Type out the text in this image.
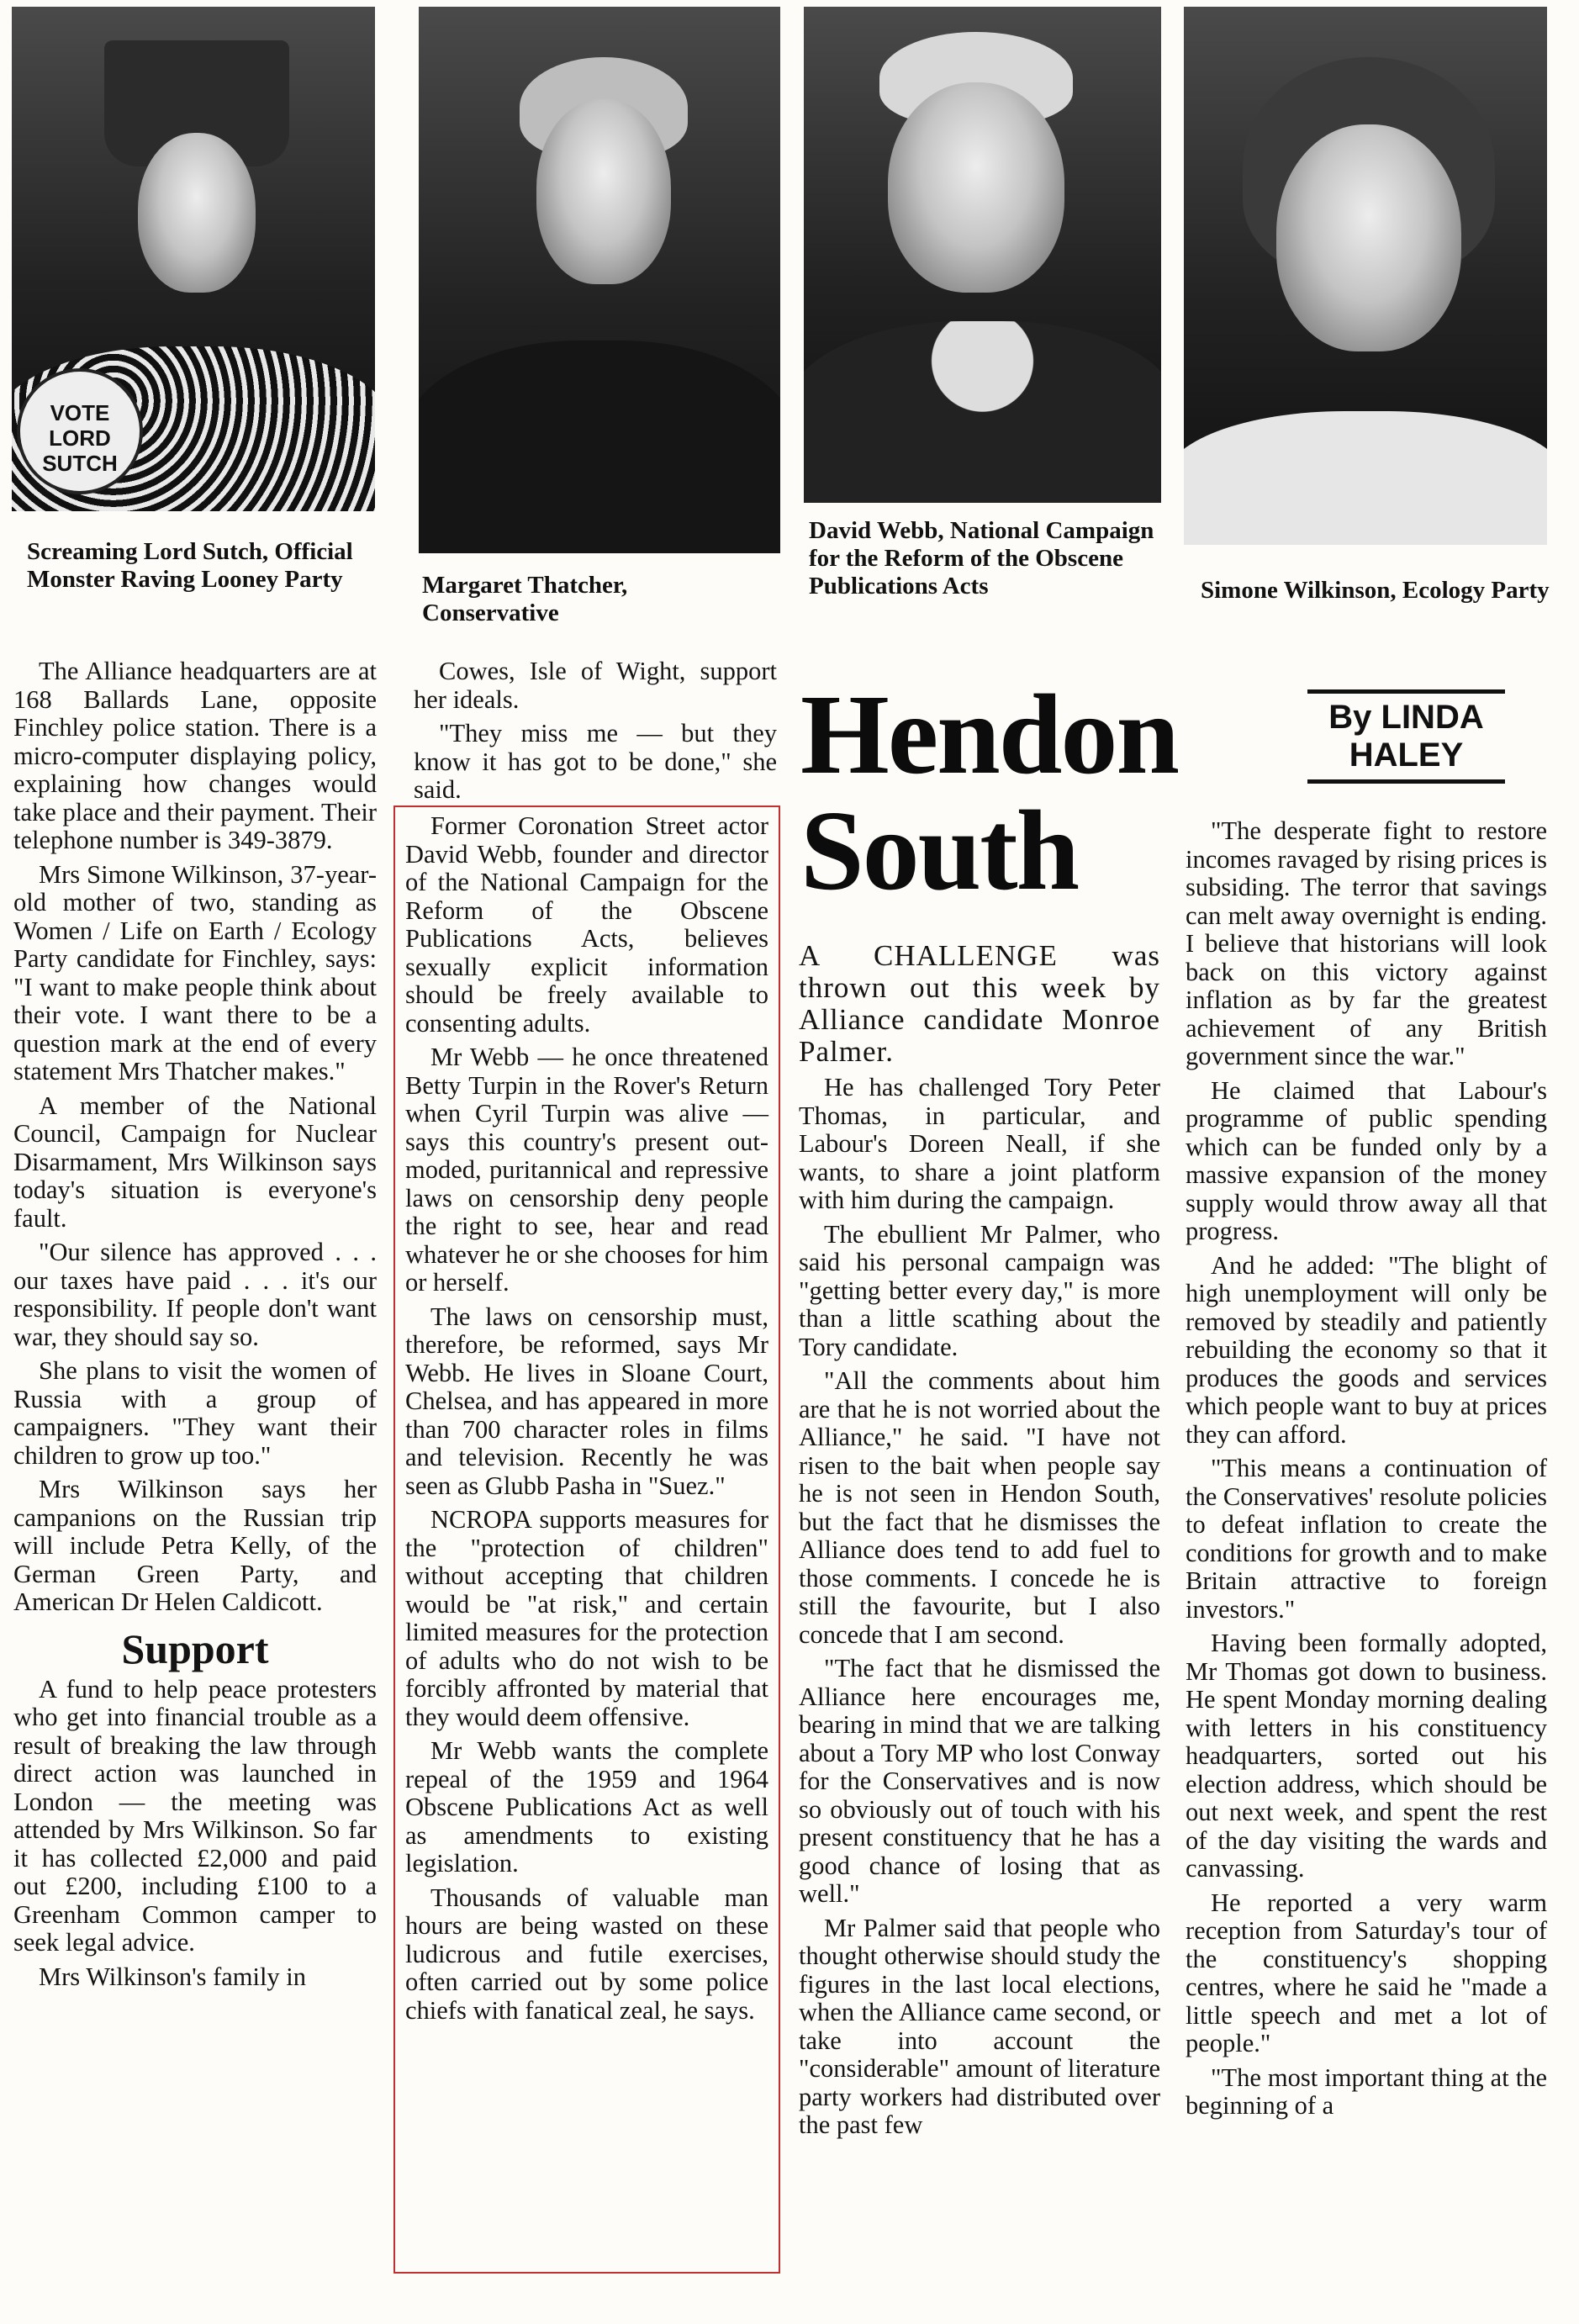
VOTE LORD SUTCH
Screaming Lord Sutch, Official Monster Raving Looney Party	Margaret Thatcher, Conservative
David Webb, National Campaign for the Reform of the Obscene Publications Acts	Simone Wilkinson, Ecology Party

The Alliance headquarters are at 168 Ballards Lane, opposite Finchley police station. There is a micro-computer displaying policy, explaining how changes would take place and their payment. Their telephone number is 349-3879.

Mrs Simone Wilkinson, 37-year-old mother of two, standing as Women / Life on Earth / Ecology Party candidate for Finchley, says: "I want to make people think about their vote. I want there to be a question mark at the end of every statement Mrs Thatcher makes."

A member of the National Council, Campaign for Nuclear Disarmament, Mrs Wilkinson says today's situation is everyone's fault.

"Our silence has approved . . . our taxes have paid . . . it's our responsibility. If people don't want war, they should say so.

She plans to visit the women of Russia with a group of campaigners. "They want their children to grow up too."

Mrs Wilkinson says her campanions on the Russian trip will include Petra Kelly, of the German Green Party, and American Dr Helen Caldicott.

Support

A fund to help peace protesters who get into financial trouble as a result of breaking the law through direct action was launched in London — the meeting was attended by Mrs Wilkinson. So far it has collected £2,000 and paid out £200, including £100 to a Greenham Common camper to seek legal advice.

Mrs Wilkinson's family in

Cowes, Isle of Wight, support her ideals.

"They miss me — but they know it has got to be done," she said.

Former Coronation Street actor David Webb, founder and director of the National Campaign for the Reform of the Obscene Publications Acts, believes sexually explicit information should be freely available to consenting adults.

Mr Webb — he once threatened Betty Turpin in the Rover's Return when Cyril Turpin was alive — says this country's present out-moded, puritannical and repressive laws on censorship deny people the right to see, hear and read whatever he or she chooses for him or herself.

The laws on censorship must, therefore, be reformed, says Mr Webb. He lives in Sloane Court, Chelsea, and has appeared in more than 700 character roles in films and television. Recently he was seen as Glubb Pasha in "Suez."

NCROPA supports measures for the "protection of children" without accepting that children would be "at risk," and certain limited measures for the protection of adults who do not wish to be forcibly affronted by material that they would deem offensive.

Mr Webb wants the complete repeal of the 1959 and 1964 Obscene Publications Act as well as amendments to existing legislation.

Thousands of valuable man hours are being wasted on these ludicrous and futile exercises, often carried out by some police chiefs with fanatical zeal, he says.

Hendon South
By LINDA HALEY

A CHALLENGE was thrown out this week by Alliance candidate Monroe Palmer.

He has challenged Tory Peter Thomas, in particular, and Labour's Doreen Neall, if she wants, to share a joint platform with him during the campaign.

The ebullient Mr Palmer, who said his personal campaign was "getting better every day," is more than a little scathing about the Tory candidate.

"All the comments about him are that he is not worried about the Alliance," he said. "I have not risen to the bait when people say he is not seen in Hendon South, but the fact that he dismisses the Alliance does tend to add fuel to those comments. I concede he is still the favourite, but I also concede that I am second.

"The fact that he dismissed the Alliance here encourages me, bearing in mind that we are talking about a Tory MP who lost Conway for the Conservatives and is now so obviously out of touch with his present constituency that he has a good chance of losing that as well."

Mr Palmer said that people who thought otherwise should study the figures in the last local elections, when the Alliance came second, or take into account the "considerable" amount of literature party workers had distributed over the past few

"The desperate fight to restore incomes ravaged by rising prices is subsiding. The terror that savings can melt away overnight is ending. I believe that historians will look back on this victory against inflation as by far the greatest achievement of any British government since the war."

He claimed that Labour's programme of public spending which can be funded only by a massive expansion of the money supply would throw away all that progress.

And he added: "The blight of high unemployment will only be removed by steadily and patiently rebuilding the economy so that it produces the goods and services which people want to buy at prices they can afford.

"This means a continuation of the Conservatives' resolute policies to defeat inflation to create the conditions for growth and to make Britain attractive to foreign investors."

Having been formally adopted, Mr Thomas got down to business. He spent Monday morning dealing with letters in his constituency headquarters, sorted out his election address, which should be out next week, and spent the rest of the day visiting the wards and canvassing.

He reported a very warm reception from Saturday's tour of the constituency's shopping centres, where he said he "made a little speech and met a lot of people."

"The most important thing at the beginning of a
